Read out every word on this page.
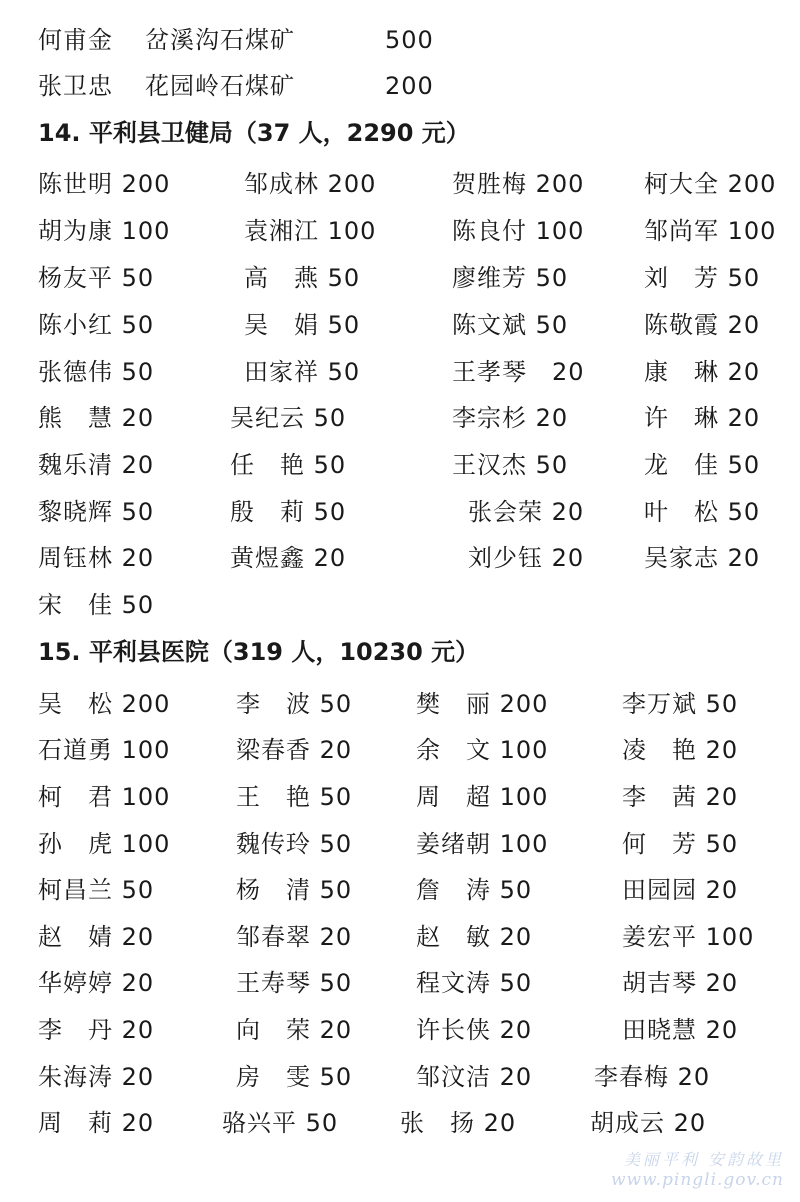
何甫金 岔溪沟石煤矿	500
张卫忠 花园岭石煤矿	200
14. 平利县卫健局（37 人，2290 元）
陈世明 200	邹成林 200	贺胜梅 200 柯大全 200
胡为康 100	袁湘江 100	陈良付 100 邹尚军 100
杨友平 50	高　燕 50	廖维芳 50	刘　芳 50
陈小红 50	吴　娟 50	陈文斌 50	陈敬霞 20
张德伟 50	田家祥 50	王孝琴　20 康　琳 20
熊　慧 20	吴纪云 50	李宗杉 20	许　琳 20
魏乐清 20	任　艳 50	王汉杰 50	龙　佳 50
黎晓辉 50	殷　莉 50	张会荣 20 叶　松 50
周钰林 20	黄煜鑫 20	刘少钰 20 吴家志 20
宋　佳 50
15. 平利县医院（319 人，10230 元）
吴　松 200	李　波 50	樊　丽 200	李万斌 50
石道勇 100	梁春香 20	余　文 100	凌　艳 20
柯　君 100	王　艳 50	周　超 100	李　茜 20
孙　虎 100	魏传玲 50	姜绪朝 100	何　芳 50
柯昌兰 50	杨　清 50	詹　涛 50	田园园 20
赵　婧 20	邹春翠 20	赵　敏 20	姜宏平 100
华婷婷 20	王寿琴 50	程文涛 50	胡吉琴 20
李　丹 20	向　荣 20	许长侠 20	田晓慧 20
朱海涛 20	房　雯 50	邹汶洁 20	李春梅 20
周　莉 20	骆兴平 50	张　扬 20	胡成云 20
美丽平利 安韵故里
www.pingli.gov.cn
